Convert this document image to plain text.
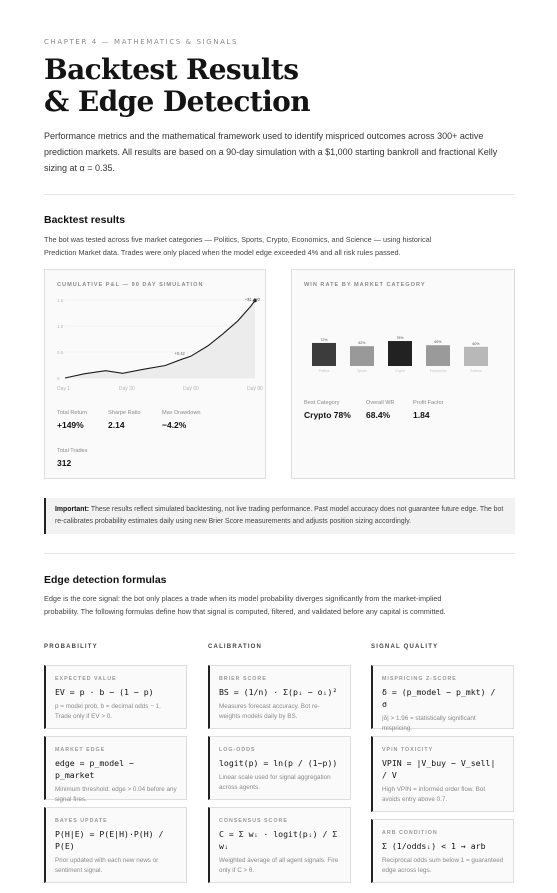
CHAPTER 4 — MATHEMATICS & SIGNALS
Backtest Results
& Edge Detection
Performance metrics and the mathematical framework used to identify mispriced outcomes across 300+ active prediction markets. All results are based on a 90-day simulation with a $1,000 starting bankroll and fractional Kelly sizing at α = 0.35.
Backtest results
The bot was tested across five market categories — Politics, Sports, Crypto, Economics, and Science — using historical Prediction Market data. Trades were only placed when the model edge exceeded 4% and all risk rules passed.
CUMULATIVE P&L — 90 DAY SIMULATION
0
0.5
1.0
1.5
Day 1	Day 30	Day 60	Day 90
+0.42
+$1,490
Total Return
+149%
Sharpe Ratio
2.14
Max Drawdown
−4.2%
Total Trades
312
WIN RATE BY MARKET CATEGORY
72%
Politics
62%
Sports
78%
Crypto
65%
Economics
60%
Science
Best Category
Crypto 78%
Overall WR
68.4%
Profit Factor
1.84
Important: These results reflect simulated backtesting, not live trading performance. Past model accuracy does not guarantee future edge. The bot re-calibrates probability estimates daily using new Brier Score measurements and adjusts position sizing accordingly.
Edge detection formulas
Edge is the core signal: the bot only places a trade when its model probability diverges significantly from the market-implied probability. The following formulas define how that signal is computed, filtered, and validated before any capital is committed.
PROBABILITY	CALIBRATION	SIGNAL QUALITY
EXPECTED VALUE
EV = p · b − (1 − p)
p = model prob, b = decimal odds − 1. Trade only if EV > 0.
MARKET EDGE
edge = p_model − p_market
Minimum threshold: edge > 0.04 before any signal fires.
BAYES UPDATE
P(H|E) = P(E|H)·P(H) / P(E)
Prior updated with each new news or sentiment signal.
BRIER SCORE
BS = (1/n) · Σ(pᵢ − oᵢ)²
Measures forecast accuracy. Bot re-weights models daily by BS.
LOG-ODDS
logit(p) = ln(p / (1−p))
Linear scale used for signal aggregation across agents.
CONSENSUS SCORE
C = Σ wᵢ · logit(pᵢ) / Σ wᵢ
Weighted average of all agent signals. Fire only if C > θ.
MISPRICING Z-SCORE
δ = (p_model − p_mkt) / σ
|δ| > 1.96 = statistically significant mispricing.
VPIN TOXICITY
VPIN = |V_buy − V_sell| / V
High VPIN = informed order flow. Bot avoids entry above 0.7.
ARB CONDITION
Σ (1/oddsᵢ) < 1 → arb
Reciprocal odds sum below 1 = guaranteed edge across legs.
